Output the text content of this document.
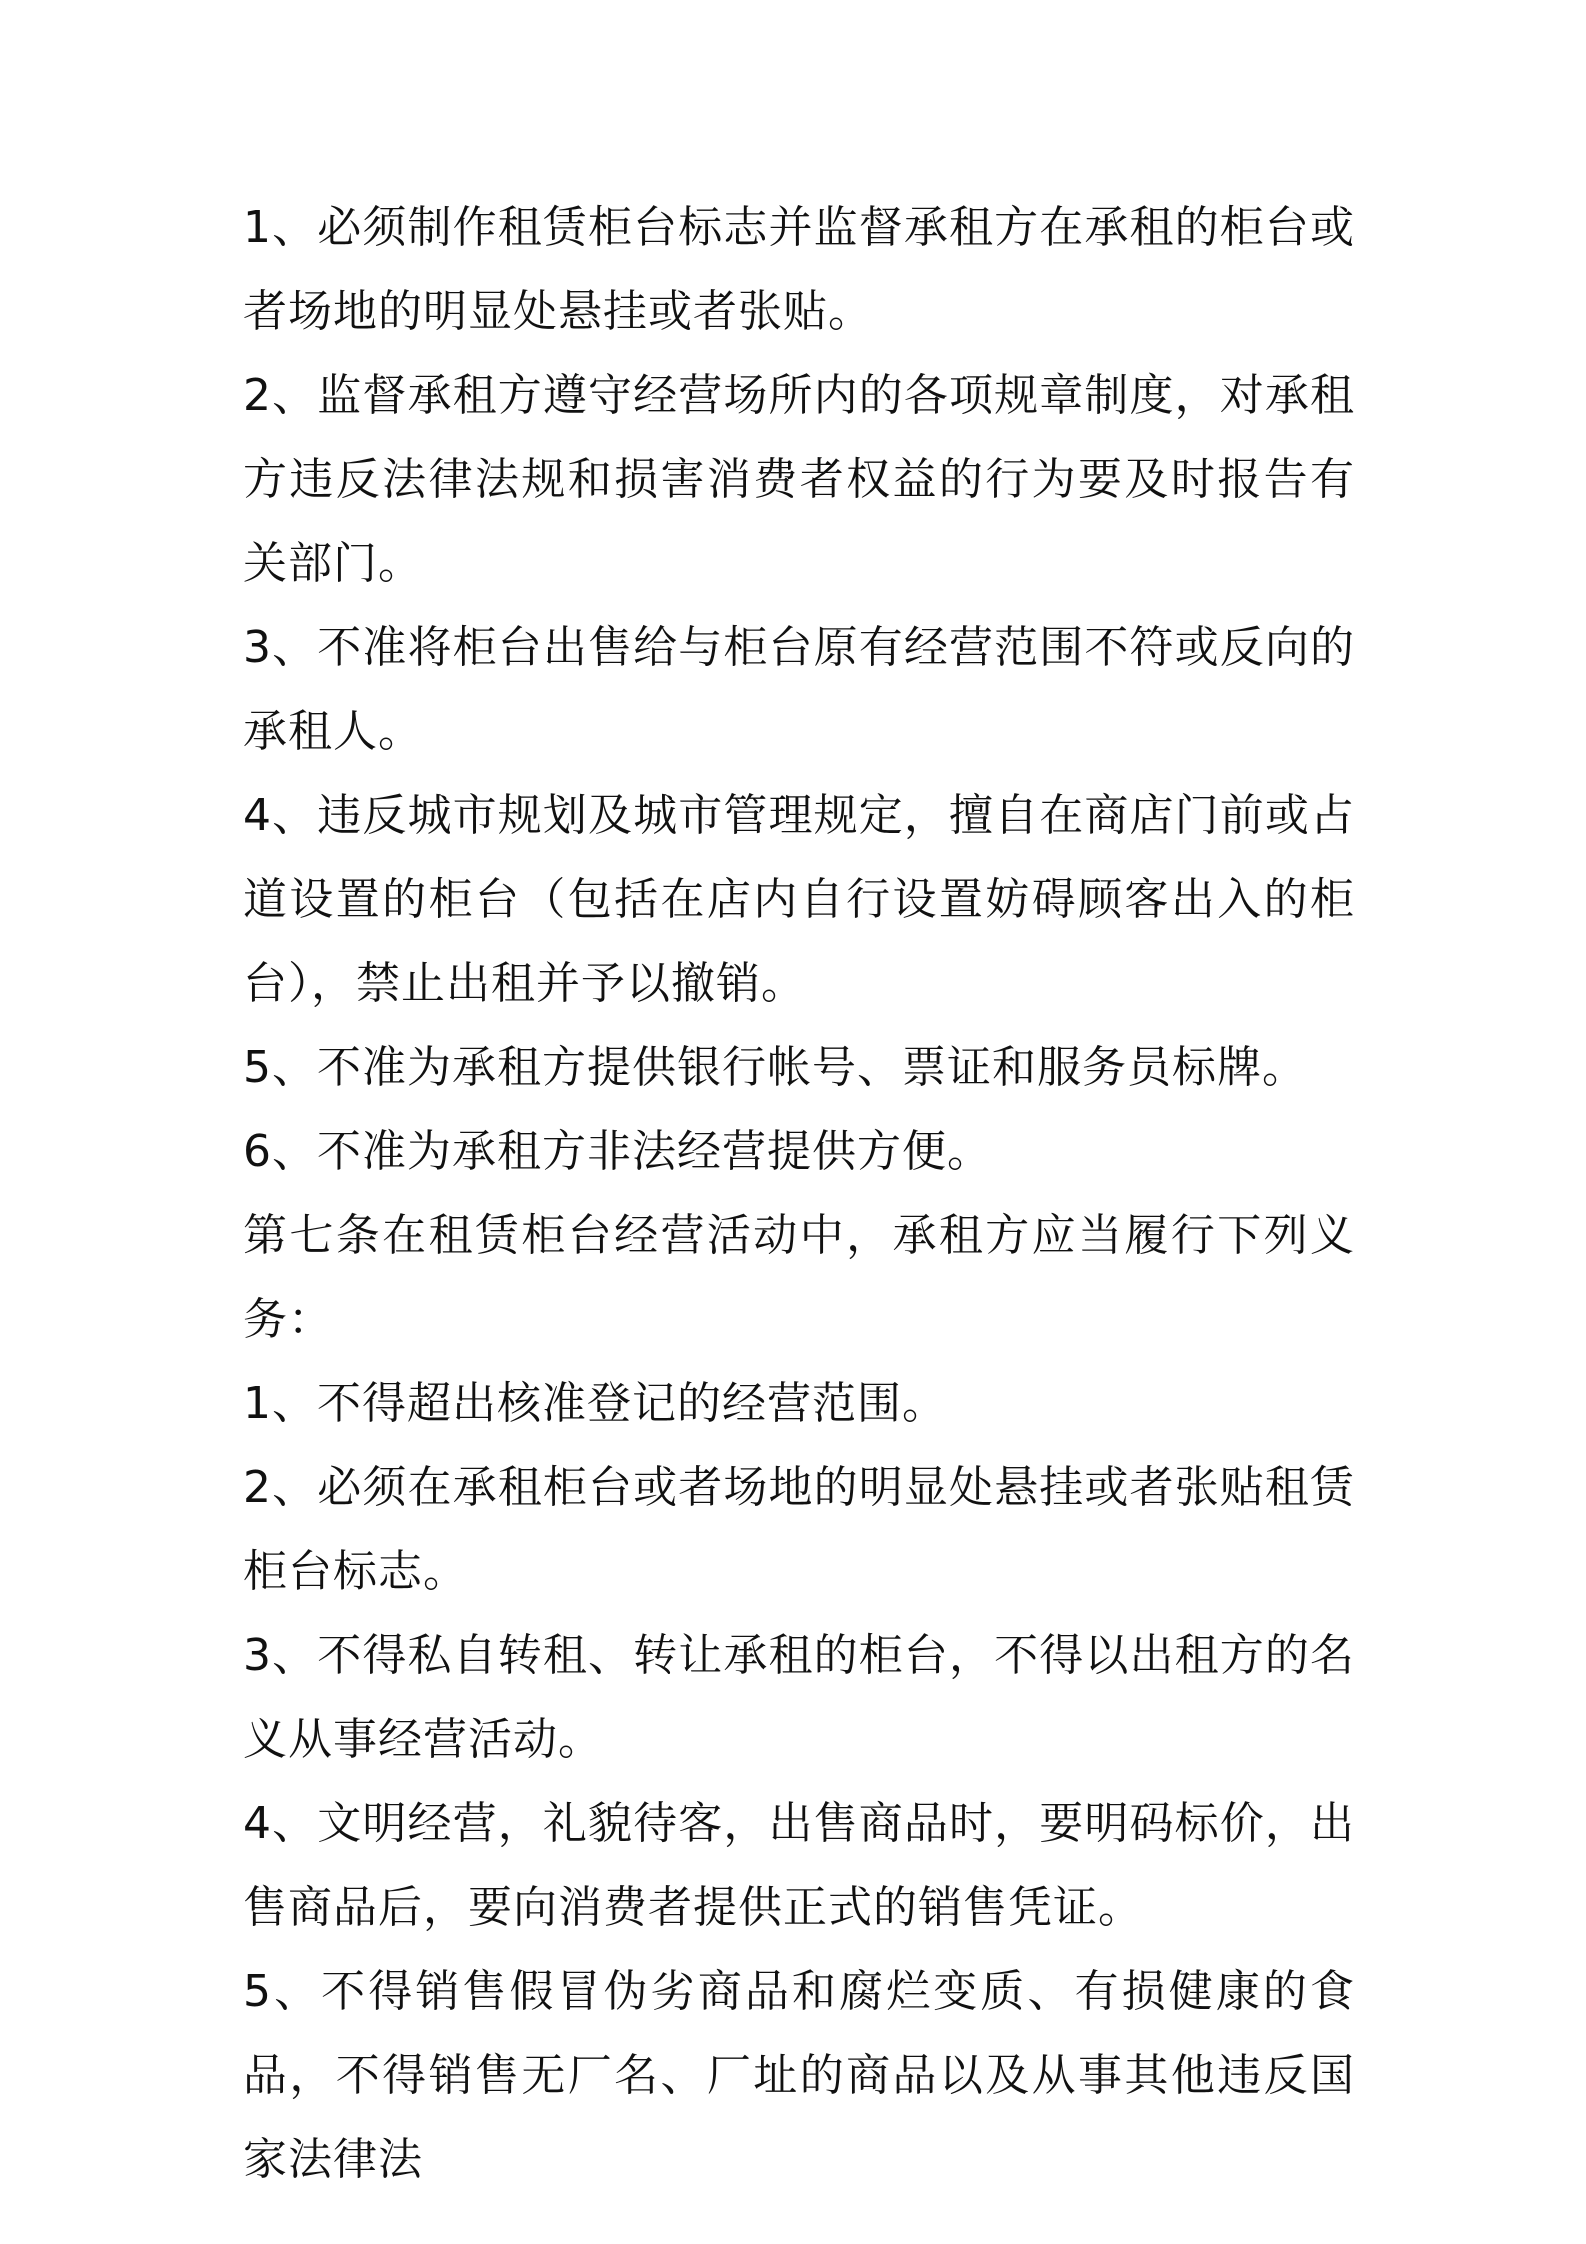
1、必须制作租赁柜台标志并监督承租方在承租的柜台或者场地的明显处悬挂或者张贴。

2、监督承租方遵守经营场所内的各项规章制度，对承租方违反法律法规和损害消费者权益的行为要及时报告有关部门。

3、不准将柜台出售给与柜台原有经营范围不符或反向的承租人。

4、违反城市规划及城市管理规定，擅自在商店门前或占道设置的柜台（包括在店内自行设置妨碍顾客出入的柜台），禁止出租并予以撤销。

5、不准为承租方提供银行帐号、票证和服务员标牌。

6、不准为承租方非法经营提供方便。

第七条在租赁柜台经营活动中，承租方应当履行下列义务：

1、不得超出核准登记的经营范围。

2、必须在承租柜台或者场地的明显处悬挂或者张贴租赁柜台标志。

3、不得私自转租、转让承租的柜台，不得以出租方的名义从事经营活动。

4、文明经营，礼貌待客，出售商品时，要明码标价，出售商品后，要向消费者提供正式的销售凭证。

5、不得销售假冒伪劣商品和腐烂变质、有损健康的食品，不得销售无厂名、厂址的商品以及从事其他违反国家法律法
